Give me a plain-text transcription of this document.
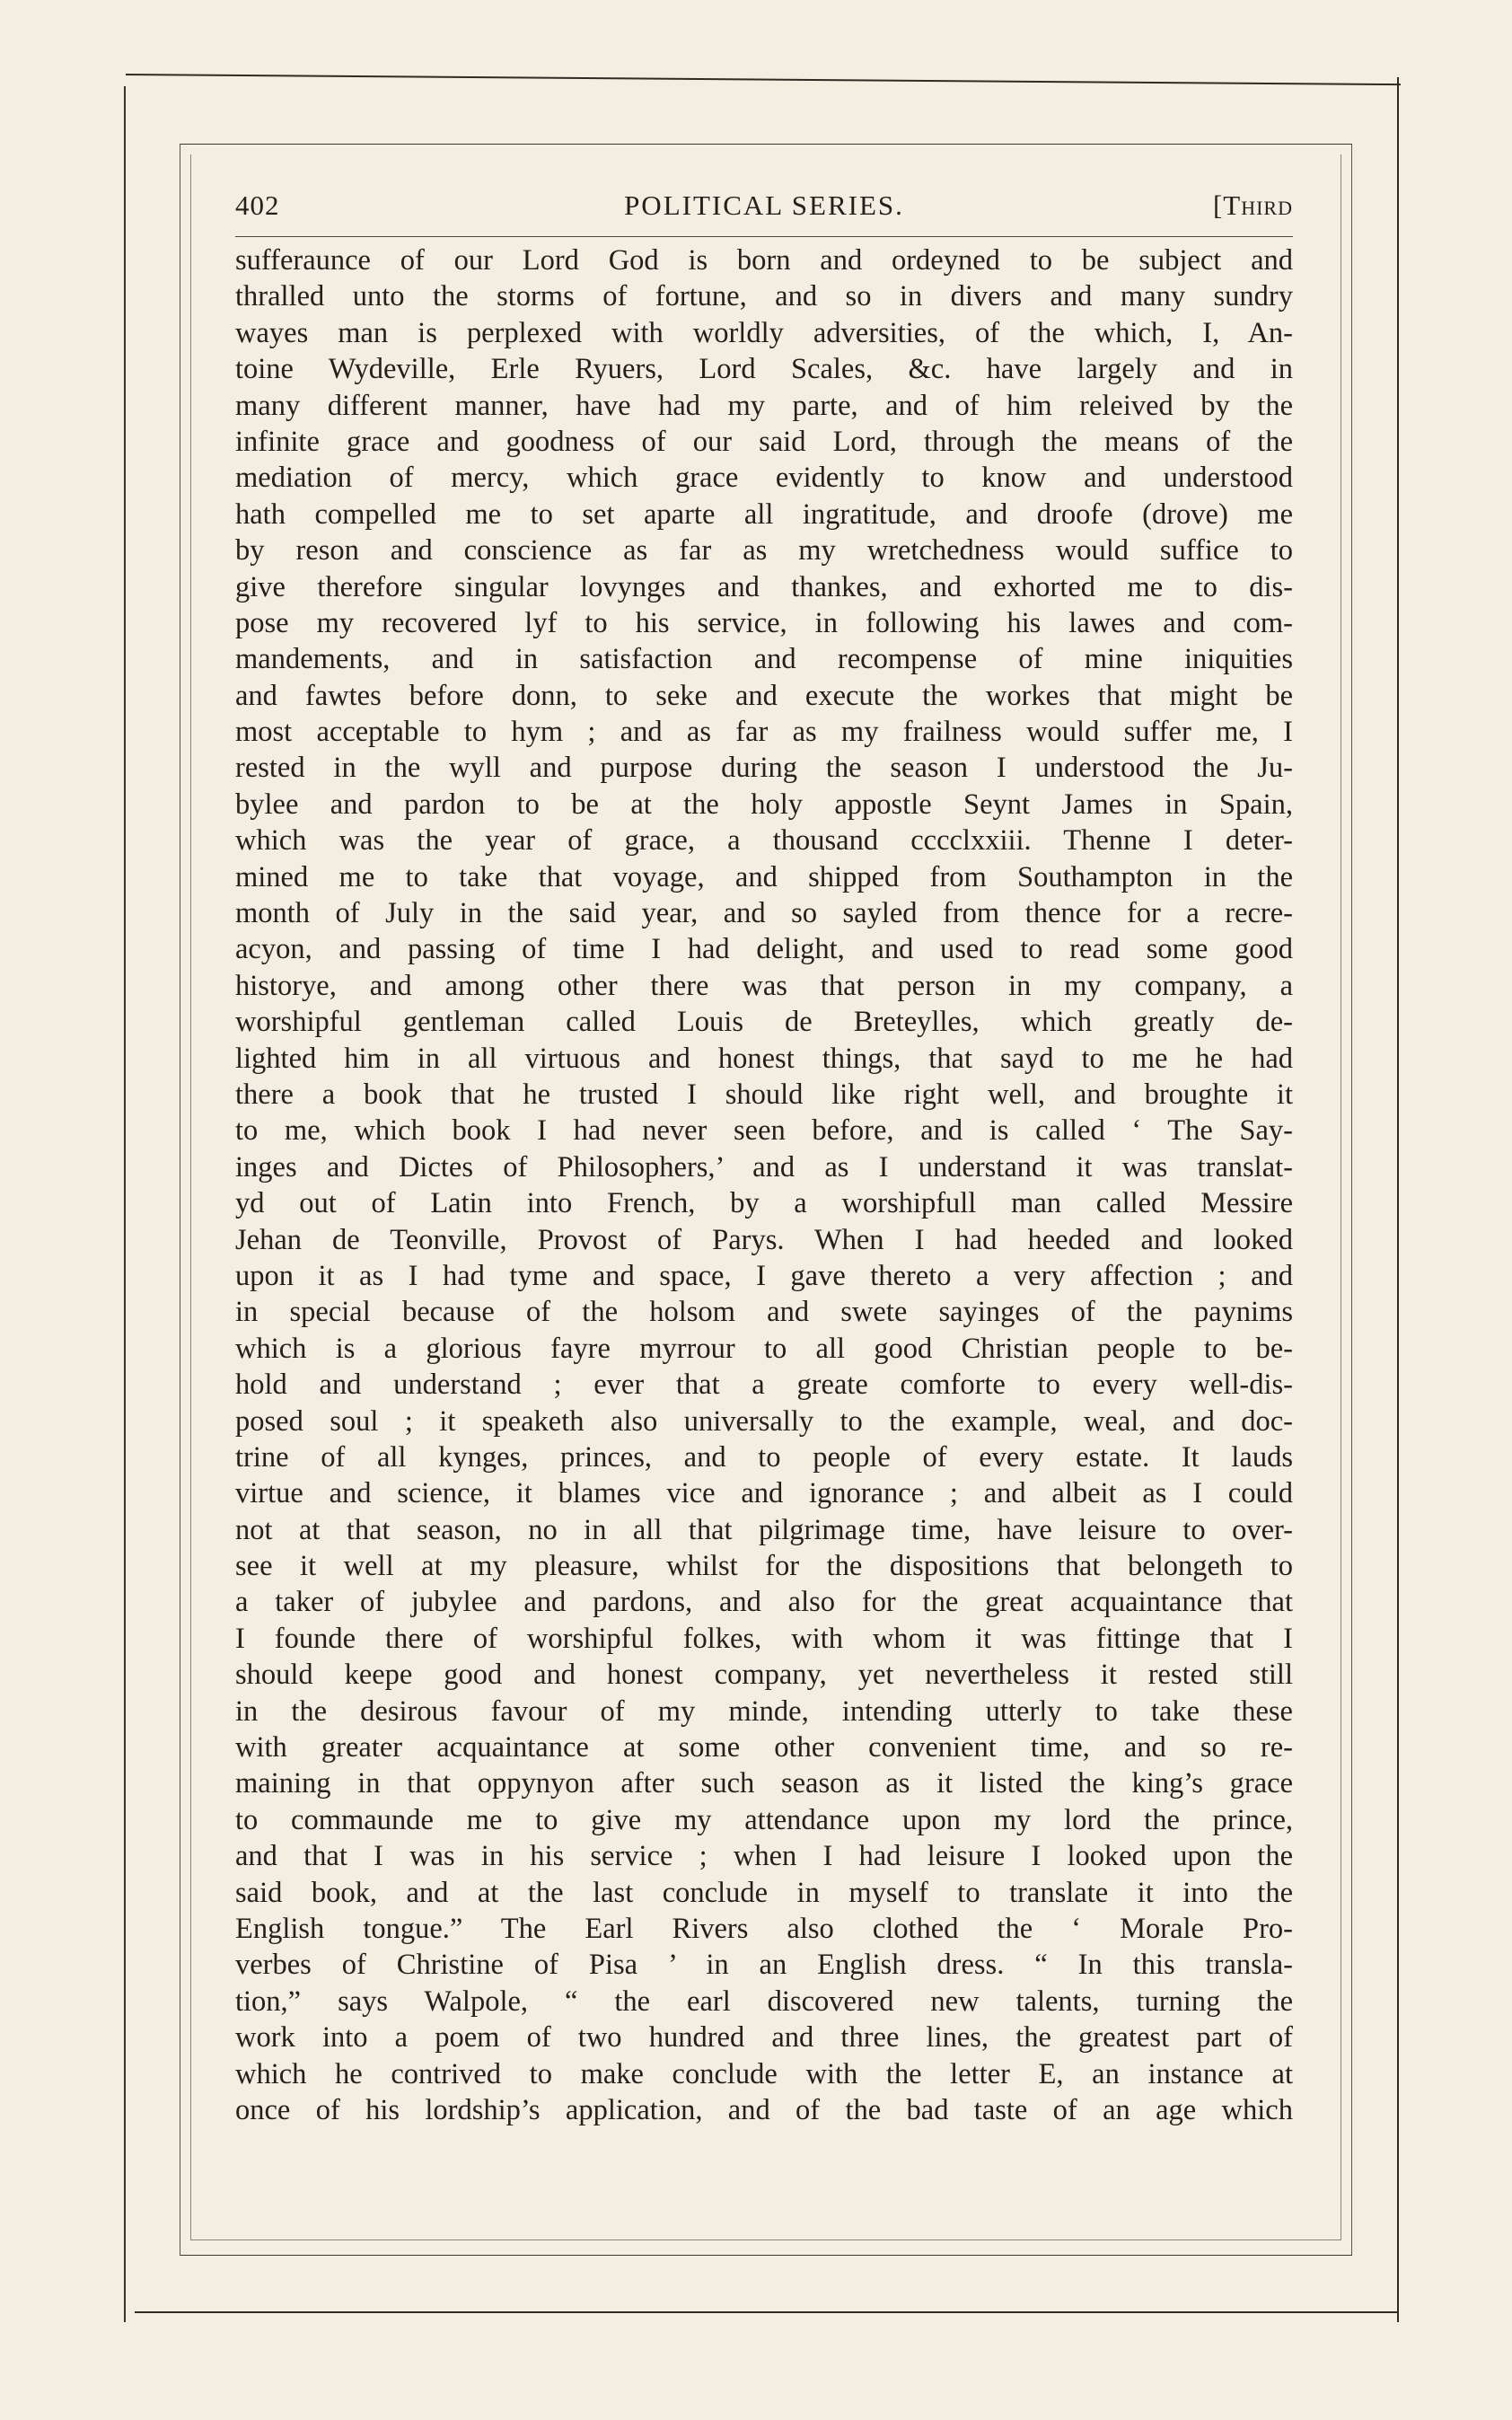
402	POLITICAL SERIES.	[Third
sufferaunce of our Lord God is born and ordeyned to be subject and
thralled unto the storms of fortune, and so in divers and many sundry
wayes man is perplexed with worldly adversities, of the which, I, An-
toine Wydeville, Erle Ryuers, Lord Scales, &c. have largely and in
many different manner, have had my parte, and of him releived by the
infinite grace and goodness of our said Lord, through the means of the
mediation of mercy, which grace evidently to know and understood
hath compelled me to set aparte all ingratitude, and droofe (drove) me
by reson and conscience as far as my wretchedness would suffice to
give therefore singular lovynges and thankes, and exhorted me to dis-
pose my recovered lyf to his service, in following his lawes and com-
mandements, and in satisfaction and recompense of mine iniquities
and fawtes before donn, to seke and execute the workes that might be
most acceptable to hym ; and as far as my frailness would suffer me, I
rested in the wyll and purpose during the season I understood the Ju-
bylee and pardon to be at the holy appostle Seynt James in Spain,
which was the year of grace, a thousand cccclxxiii. Thenne I deter-
mined me to take that voyage, and shipped from Southampton in the
month of July in the said year, and so sayled from thence for a recre-
acyon, and passing of time I had delight, and used to read some good
historye, and among other there was that person in my company, a
worshipful gentleman called Louis de Breteylles, which greatly de-
lighted him in all virtuous and honest things, that sayd to me he had
there a book that he trusted I should like right well, and broughte it
to me, which book I had never seen before, and is called ‘ The Say-
inges and Dictes of Philosophers,’ and as I understand it was translat-
yd out of Latin into French, by a worshipfull man called Messire
Jehan de Teonville, Provost of Parys. When I had heeded and looked
upon it as I had tyme and space, I gave thereto a very affection ; and
in special because of the holsom and swete sayinges of the paynims
which is a glorious fayre myrrour to all good Christian people to be-
hold and understand ; ever that a greate comforte to every well-dis-
posed soul ; it speaketh also universally to the example, weal, and doc-
trine of all kynges, princes, and to people of every estate. It lauds
virtue and science, it blames vice and ignorance ; and albeit as I could
not at that season, no in all that pilgrimage time, have leisure to over-
see it well at my pleasure, whilst for the dispositions that belongeth to
a taker of jubylee and pardons, and also for the great acquaintance that
I founde there of worshipful folkes, with whom it was fittinge that I
should keepe good and honest company, yet nevertheless it rested still
in the desirous favour of my minde, intending utterly to take these
with greater acquaintance at some other convenient time, and so re-
maining in that oppynyon after such season as it listed the king’s grace
to commaunde me to give my attendance upon my lord the prince,
and that I was in his service ; when I had leisure I looked upon the
said book, and at the last conclude in myself to translate it into the
English tongue.” The Earl Rivers also clothed the ‘ Morale Pro-
verbes of Christine of Pisa ’ in an English dress. “ In this transla-
tion,” says Walpole, “ the earl discovered new talents, turning the
work into a poem of two hundred and three lines, the greatest part of
which he contrived to make conclude with the letter E, an instance at
once of his lordship’s application, and of the bad taste of an age which
